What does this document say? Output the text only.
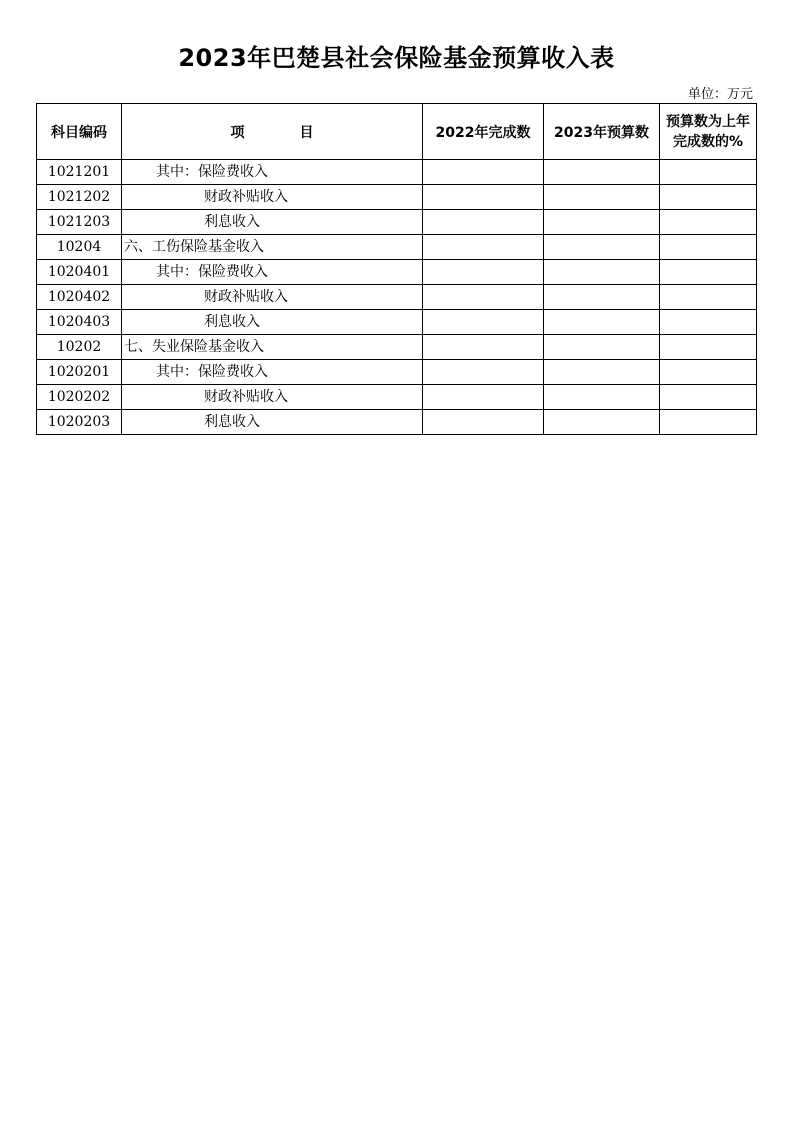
2023年巴楚县社会保险基金预算收入表
单位：万元
科目编码	项 目	2022年完成数	2023年预算数	预算数为上年完成数的%
1021201	其中：保险费收入			
1021202	财政补贴收入			
1021203	利息收入			
10204	六、工伤保险基金收入			
1020401	其中：保险费收入			
1020402	财政补贴收入			
1020403	利息收入			
10202	七、失业保险基金收入			
1020201	其中：保险费收入			
1020202	财政补贴收入			
1020203	利息收入			
